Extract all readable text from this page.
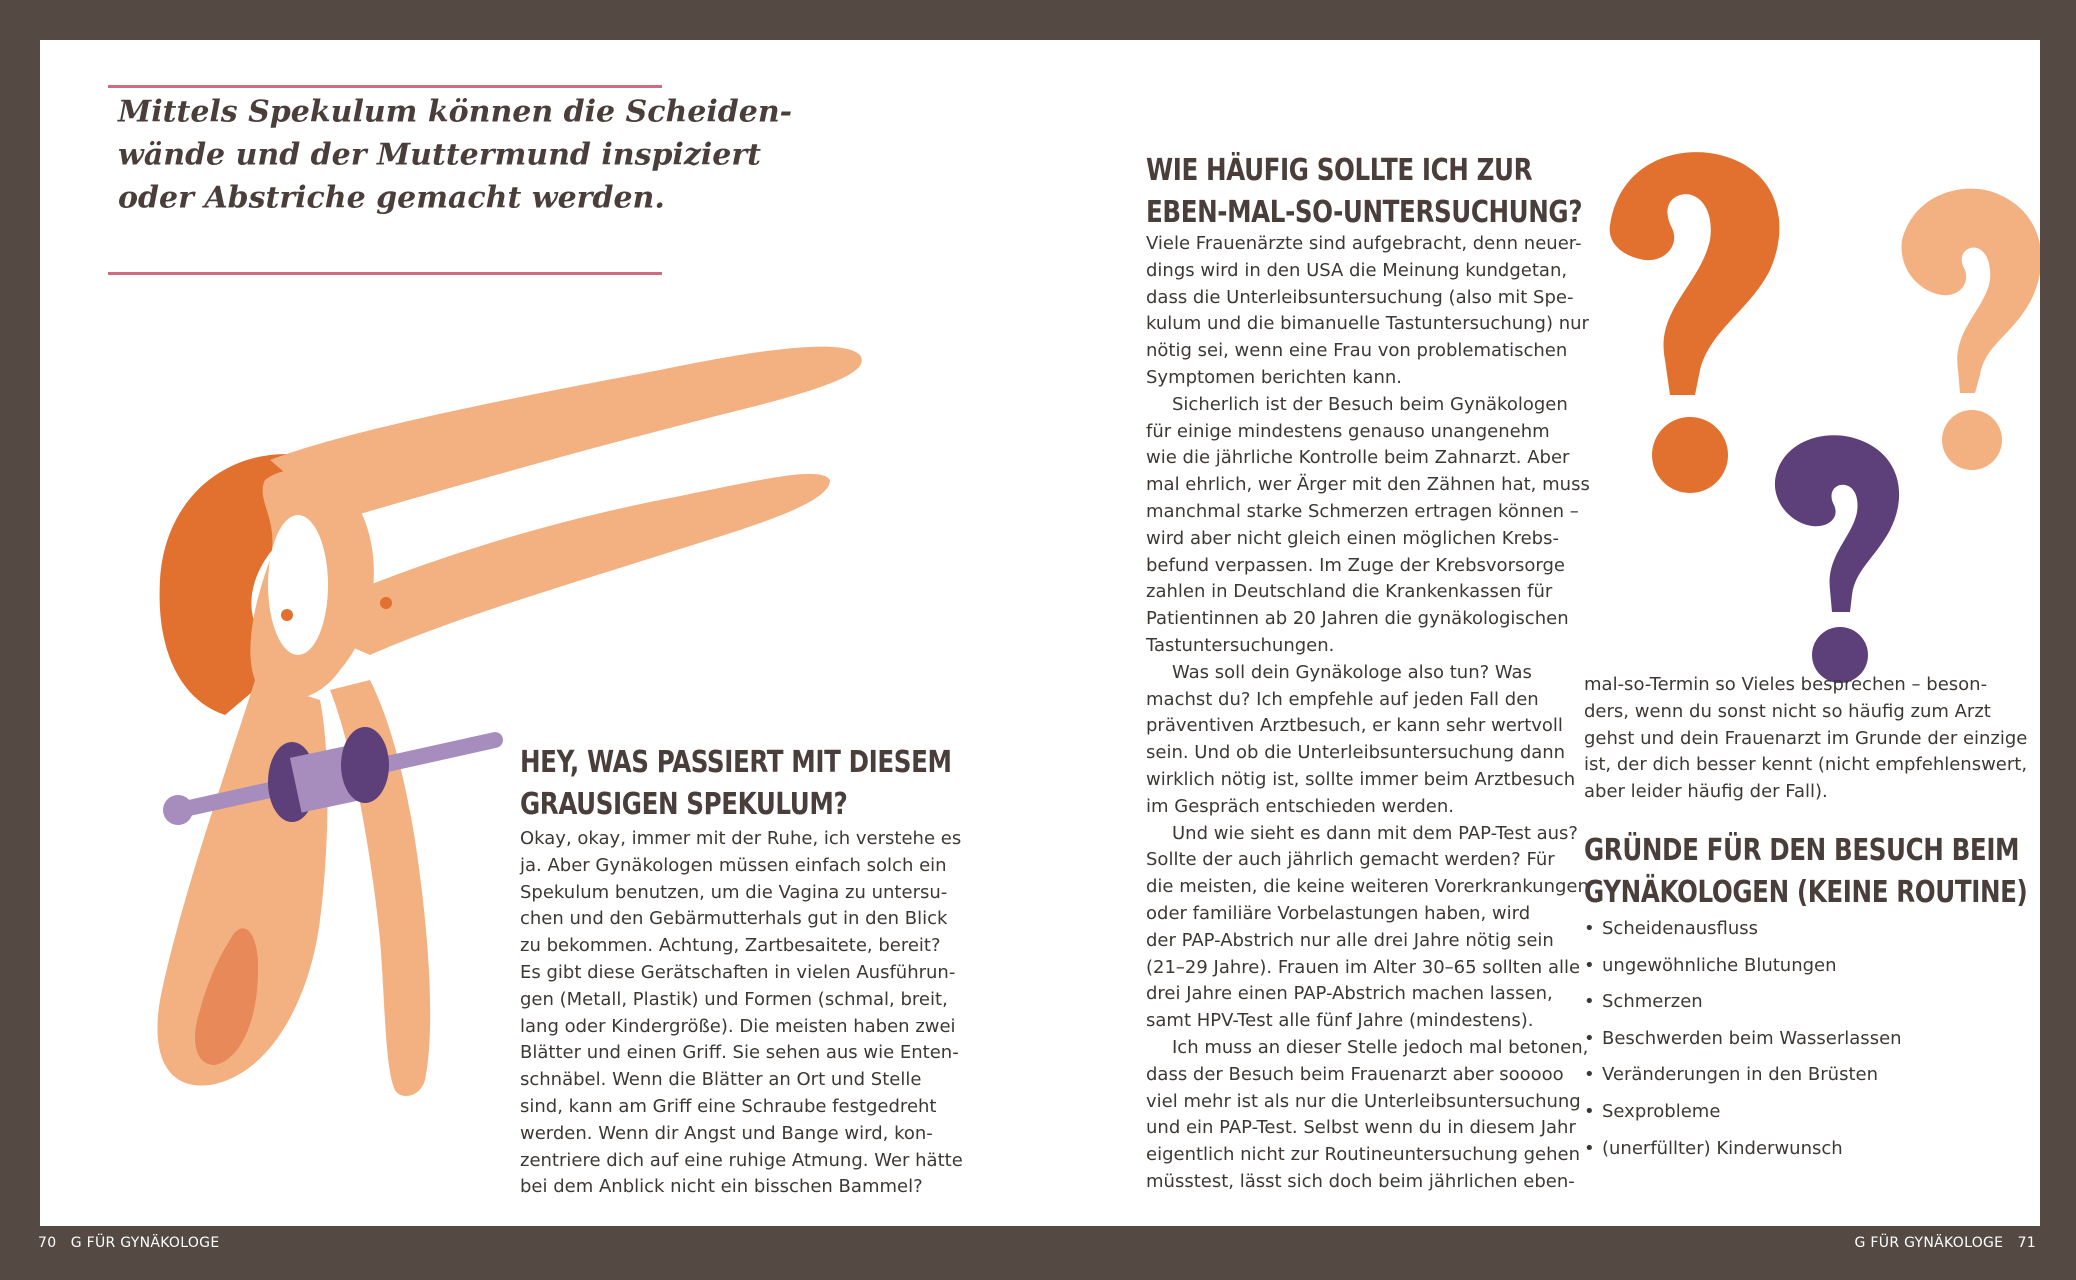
Mittels Spekulum können die Scheiden-
wände und der Muttermund inspiziert
oder Abstriche gemacht werden.
HEY, WAS PASSIERT MIT DIESEM
GRAUSIGEN SPEKULUM?
Okay, okay, immer mit der Ruhe, ich verstehe es
ja. Aber Gynäkologen müssen einfach solch ein
Spekulum benutzen, um die Vagina zu untersu-
chen und den Gebärmutterhals gut in den Blick
zu bekommen. Achtung, Zartbesaitete, bereit?
Es gibt diese Gerätschaften in vielen Ausführun-
gen (Metall, Plastik) und Formen (schmal, breit,
lang oder Kindergröße). Die meisten haben zwei
Blätter und einen Griff. Sie sehen aus wie Enten-
schnäbel. Wenn die Blätter an Ort und Stelle
sind, kann am Griff eine Schraube festgedreht
werden. Wenn dir Angst und Bange wird, kon-
zentriere dich auf eine ruhige Atmung. Wer hätte
bei dem Anblick nicht ein bisschen Bammel?
WIE HÄUFIG SOLLTE ICH ZUR
EBEN-MAL-SO-UNTERSUCHUNG?
Viele Frauenärzte sind aufgebracht, denn neuer-
dings wird in den USA die Meinung kundgetan,
dass die Unterleibsuntersuchung (also mit Spe-
kulum und die bimanuelle Tastuntersuchung) nur
nötig sei, wenn eine Frau von problematischen
Symptomen berichten kann.
Sicherlich ist der Besuch beim Gynäkologen
für einige mindestens genauso unangenehm
wie die jährliche Kontrolle beim Zahnarzt. Aber
mal ehrlich, wer Ärger mit den Zähnen hat, muss
manchmal starke Schmerzen ertragen können –
wird aber nicht gleich einen möglichen Krebs-
befund verpassen. Im Zuge der Krebsvorsorge
zahlen in Deutschland die Krankenkassen für
Patientinnen ab 20 Jahren die gynäkologischen
Tastuntersuchungen.
Was soll dein Gynäkologe also tun? Was
machst du? Ich empfehle auf jeden Fall den
präventiven Arztbesuch, er kann sehr wertvoll
sein. Und ob die Unterleibsuntersuchung dann
wirklich nötig ist, sollte immer beim Arztbesuch
im Gespräch entschieden werden.
Und wie sieht es dann mit dem PAP-Test aus?
Sollte der auch jährlich gemacht werden? Für
die meisten, die keine weiteren Vorerkrankungen
oder familiäre Vorbelastungen haben, wird
der PAP-Abstrich nur alle drei Jahre nötig sein
(21–29 Jahre). Frauen im Alter 30–65 sollten alle
drei Jahre einen PAP-Abstrich machen lassen,
samt HPV-Test alle fünf Jahre (mindestens).
Ich muss an dieser Stelle jedoch mal betonen,
dass der Besuch beim Frauenarzt aber sooooo
viel mehr ist als nur die Unterleibsuntersuchung
und ein PAP-Test. Selbst wenn du in diesem Jahr
eigentlich nicht zur Routineuntersuchung gehen
müsstest, lässt sich doch beim jährlichen eben-
mal-so-Termin so Vieles besprechen – beson-
ders, wenn du sonst nicht so häufig zum Arzt
gehst und dein Frauenarzt im Grunde der einzige
ist, der dich besser kennt (nicht empfehlenswert,
aber leider häufig der Fall).
GRÜNDE FÜR DEN BESUCH BEIM
GYNÄKOLOGEN (KEINE ROUTINE)
• Scheidenausfluss
• ungewöhnliche Blutungen
• Schmerzen
• Beschwerden beim Wasserlassen
• Veränderungen in den Brüsten
• Sexprobleme
• (unerfüllter) Kinderwunsch
70 G FÜR GYNÄKOLOGE	G FÜR GYNÄKOLOGE 71
